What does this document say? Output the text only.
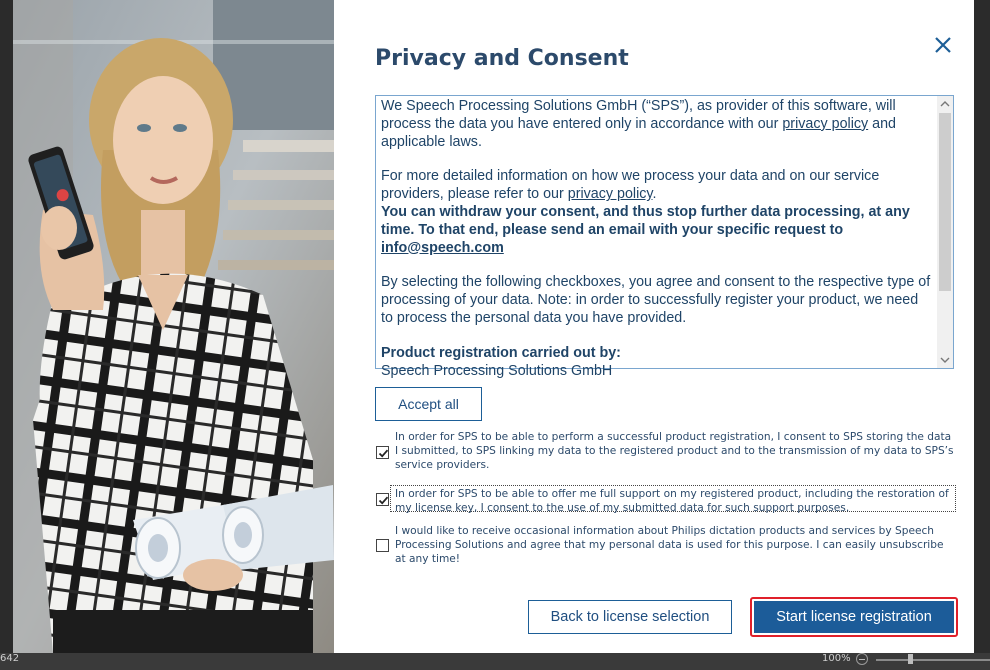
642	100%
Privacy and Consent

We Speech Processing Solutions GmbH (“SPS”), as provider of this software, will process the data you have entered only in accordance with our privacy policy and applicable laws.

For more detailed information on how we process your data and on our service providers, please refer to our privacy policy.
You can withdraw your consent, and thus stop further data processing, at any time. To that end, please send an email with your specific request to info@speech.com

By selecting the following checkboxes, you agree and consent to the respective type of processing of your data. Note: in order to successfully register your product, we need to process the personal data you have provided.

Product registration carried out by:
Speech Processing Solutions GmbH

Accept all
In order for SPS to be able to perform a successful product registration, I consent to SPS storing the data I submitted, to SPS linking my data to the registered product and to the transmission of my data to SPS’s service providers.
In order for SPS to be able to offer me full support on my registered product, including the restoration of my license key, I consent to the use of my submitted data for such support purposes.
I would like to receive occasional information about Philips dictation products and services by Speech Processing Solutions and agree that my personal data is used for this purpose. I can easily unsubscribe at any time!
Back to license selection	Start license registration
